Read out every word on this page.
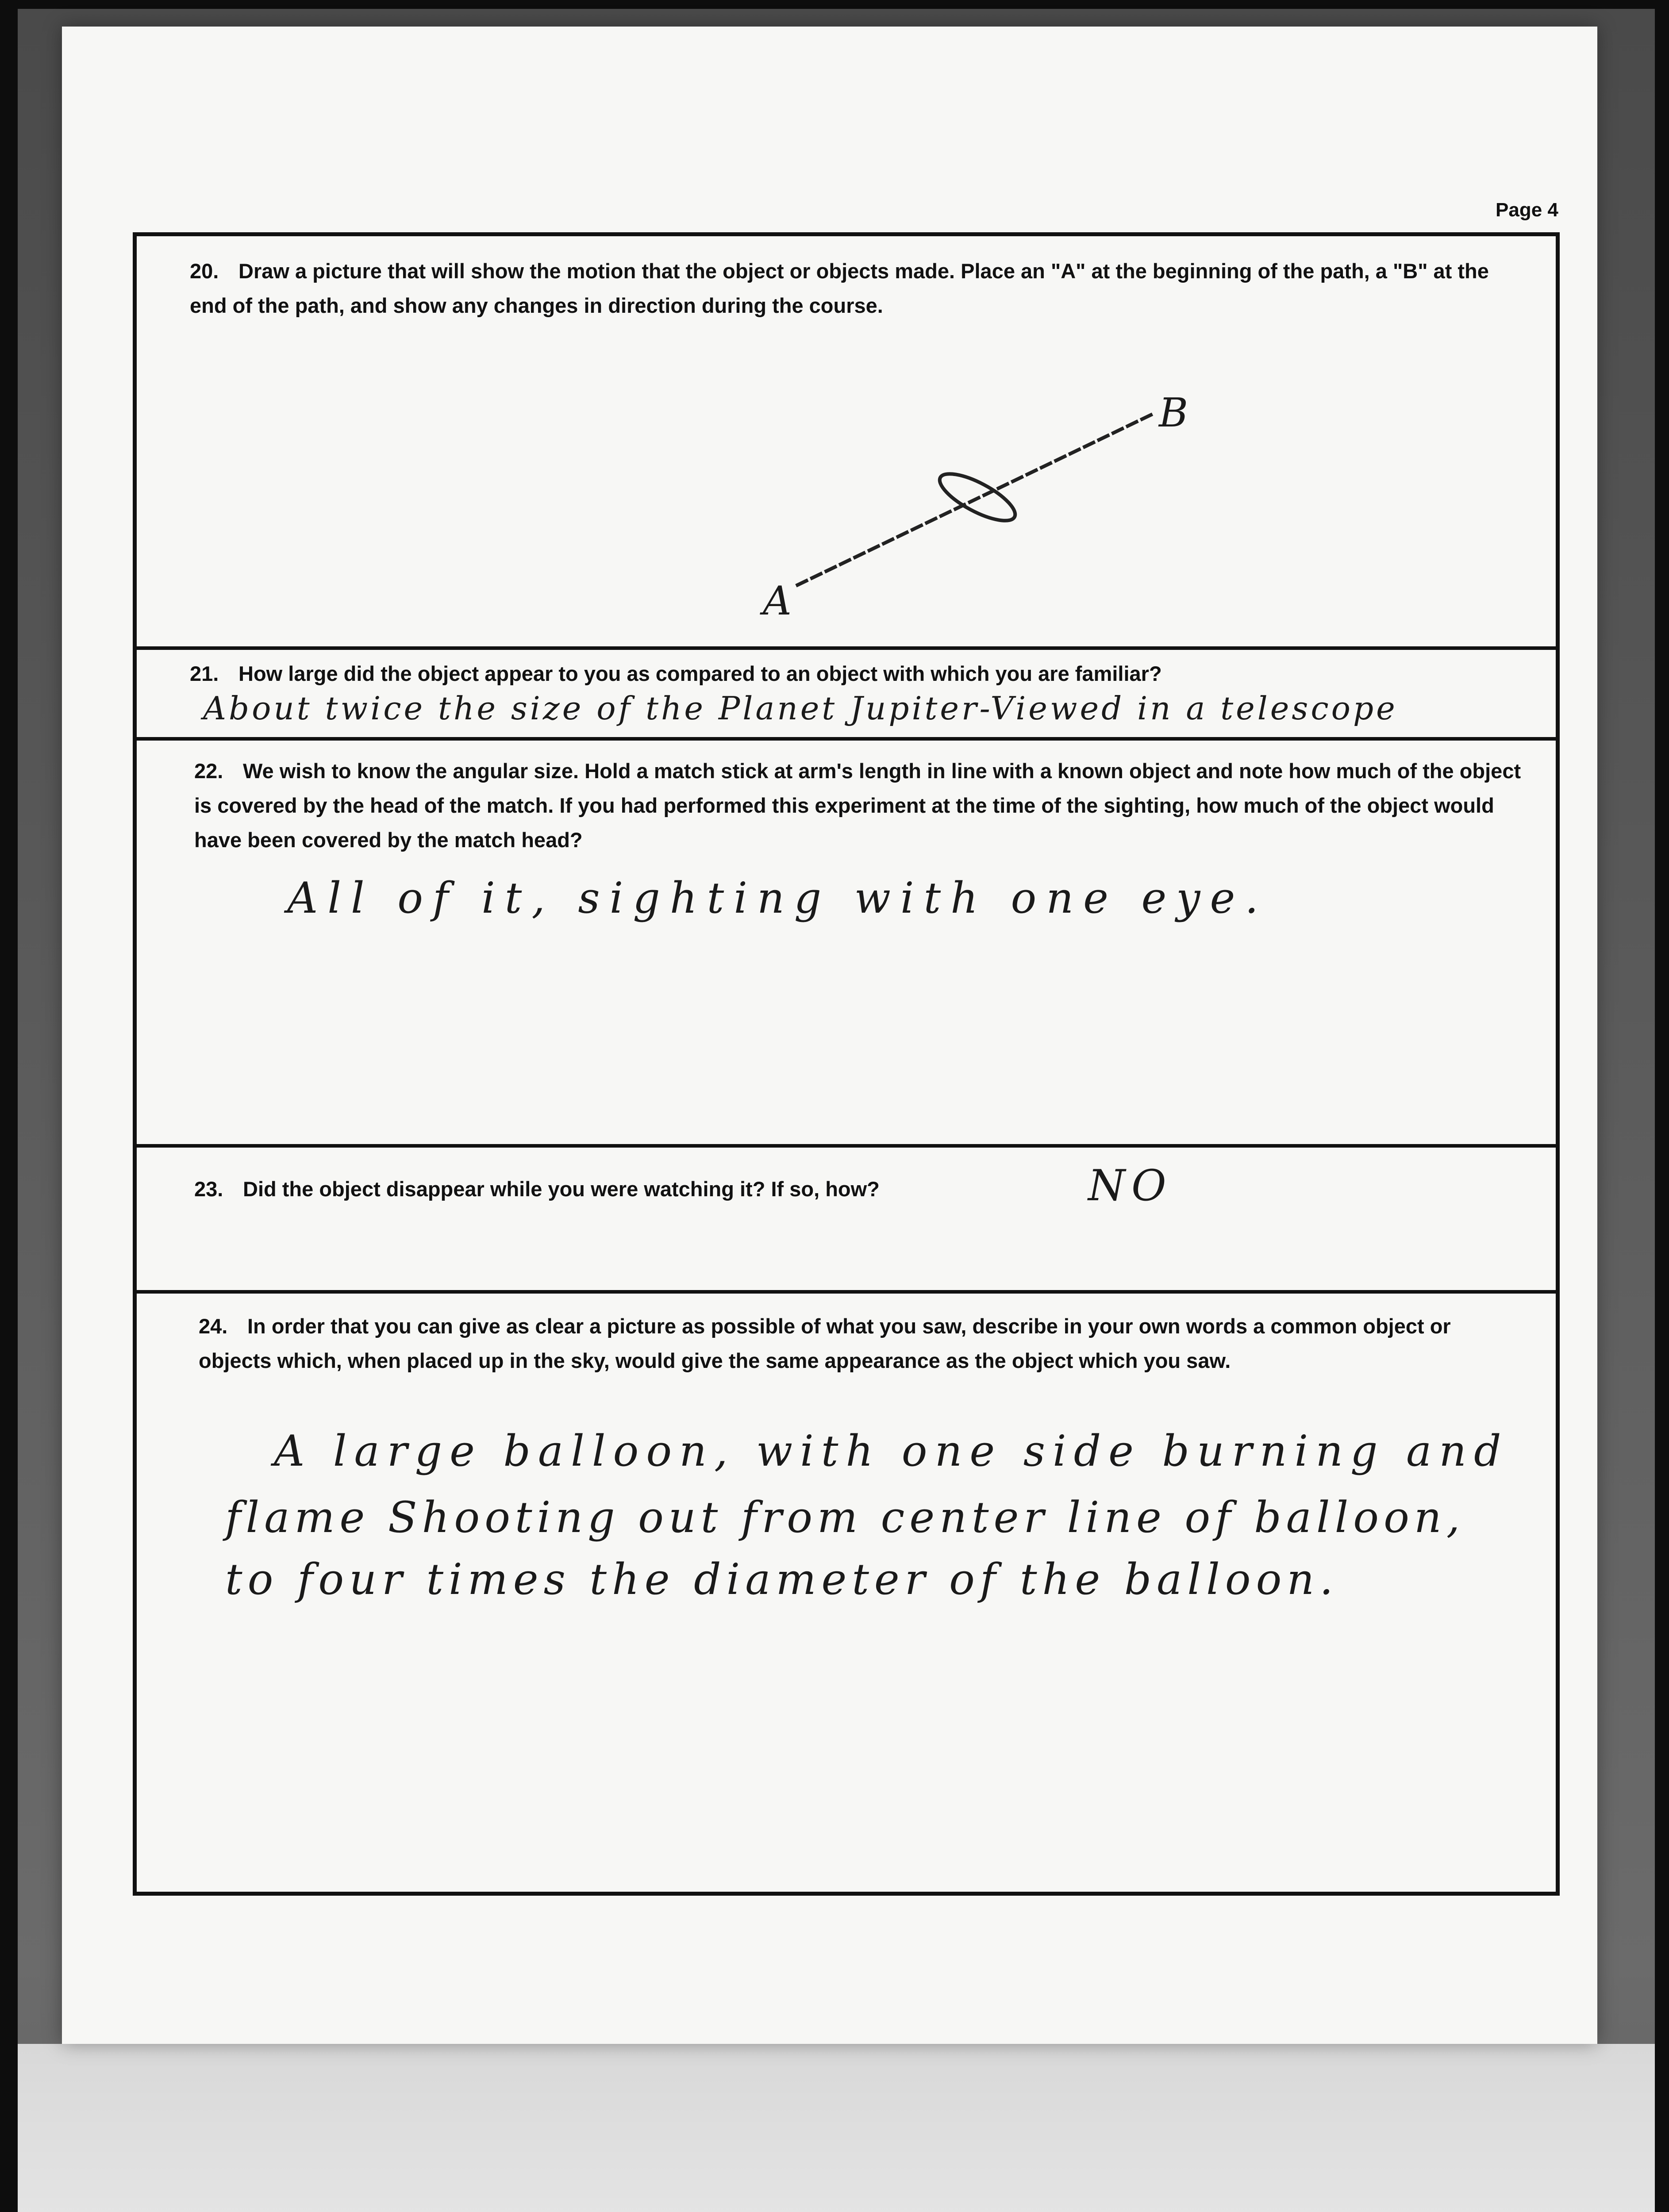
Page 4
20. Draw a picture that will show the motion that the object or objects made. Place an "A" at the beginning of the path, a "B" at the end of the path, and show any changes in direction during the course.
A
B
21. How large did the object appear to you as compared to an object with which you are familiar?
About twice the size of the Planet Jupiter-Viewed in a telescope
22. We wish to know the angular size. Hold a match stick at arm's length in line with a known object and note how much of the object is covered by the head of the match. If you had performed this experiment at the time of the sighting, how much of the object would have been covered by the match head?
All of it, sighting with one eye.
23. Did the object disappear while you were watching it? If so, how?	NO
24. In order that you can give as clear a picture as possible of what you saw, describe in your own words a common object or objects which, when placed up in the sky, would give the same appearance as the object which you saw.
A large balloon, with one side burning and
flame Shooting out from center line of balloon,
to four times the diameter of the balloon.
